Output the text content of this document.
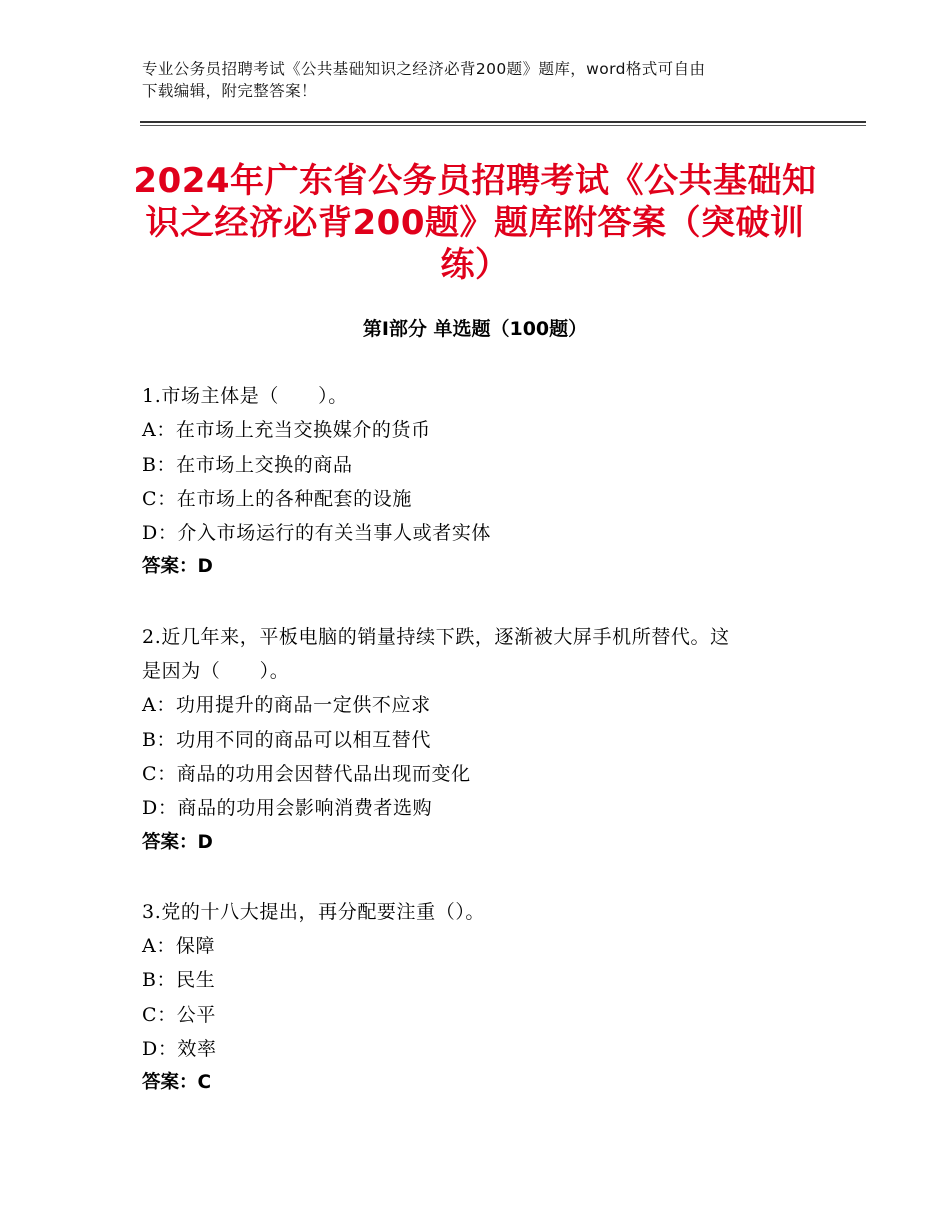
专业公务员招聘考试《公共基础知识之经济必背200题》题库，word格式可自由
下载编辑，附完整答案！
2024年广东省公务员招聘考试《公共基础知
识之经济必背200题》题库附答案（突破训
练）
第Ⅰ部分 单选题（100题）
1.市场主体是（　　）。
A：在市场上充当交换媒介的货币
B：在市场上交换的商品
C：在市场上的各种配套的设施
D：介入市场运行的有关当事人或者实体
答案：D
2.近几年来，平板电脑的销量持续下跌，逐渐被大屏手机所替代。这
是因为（　　）。
A：功用提升的商品一定供不应求
B：功用不同的商品可以相互替代
C：商品的功用会因替代品出现而变化
D：商品的功用会影响消费者选购
答案：D
3.党的十八大提出，再分配要注重（）。
A：保障
B：民生
C：公平
D：效率
答案：C
